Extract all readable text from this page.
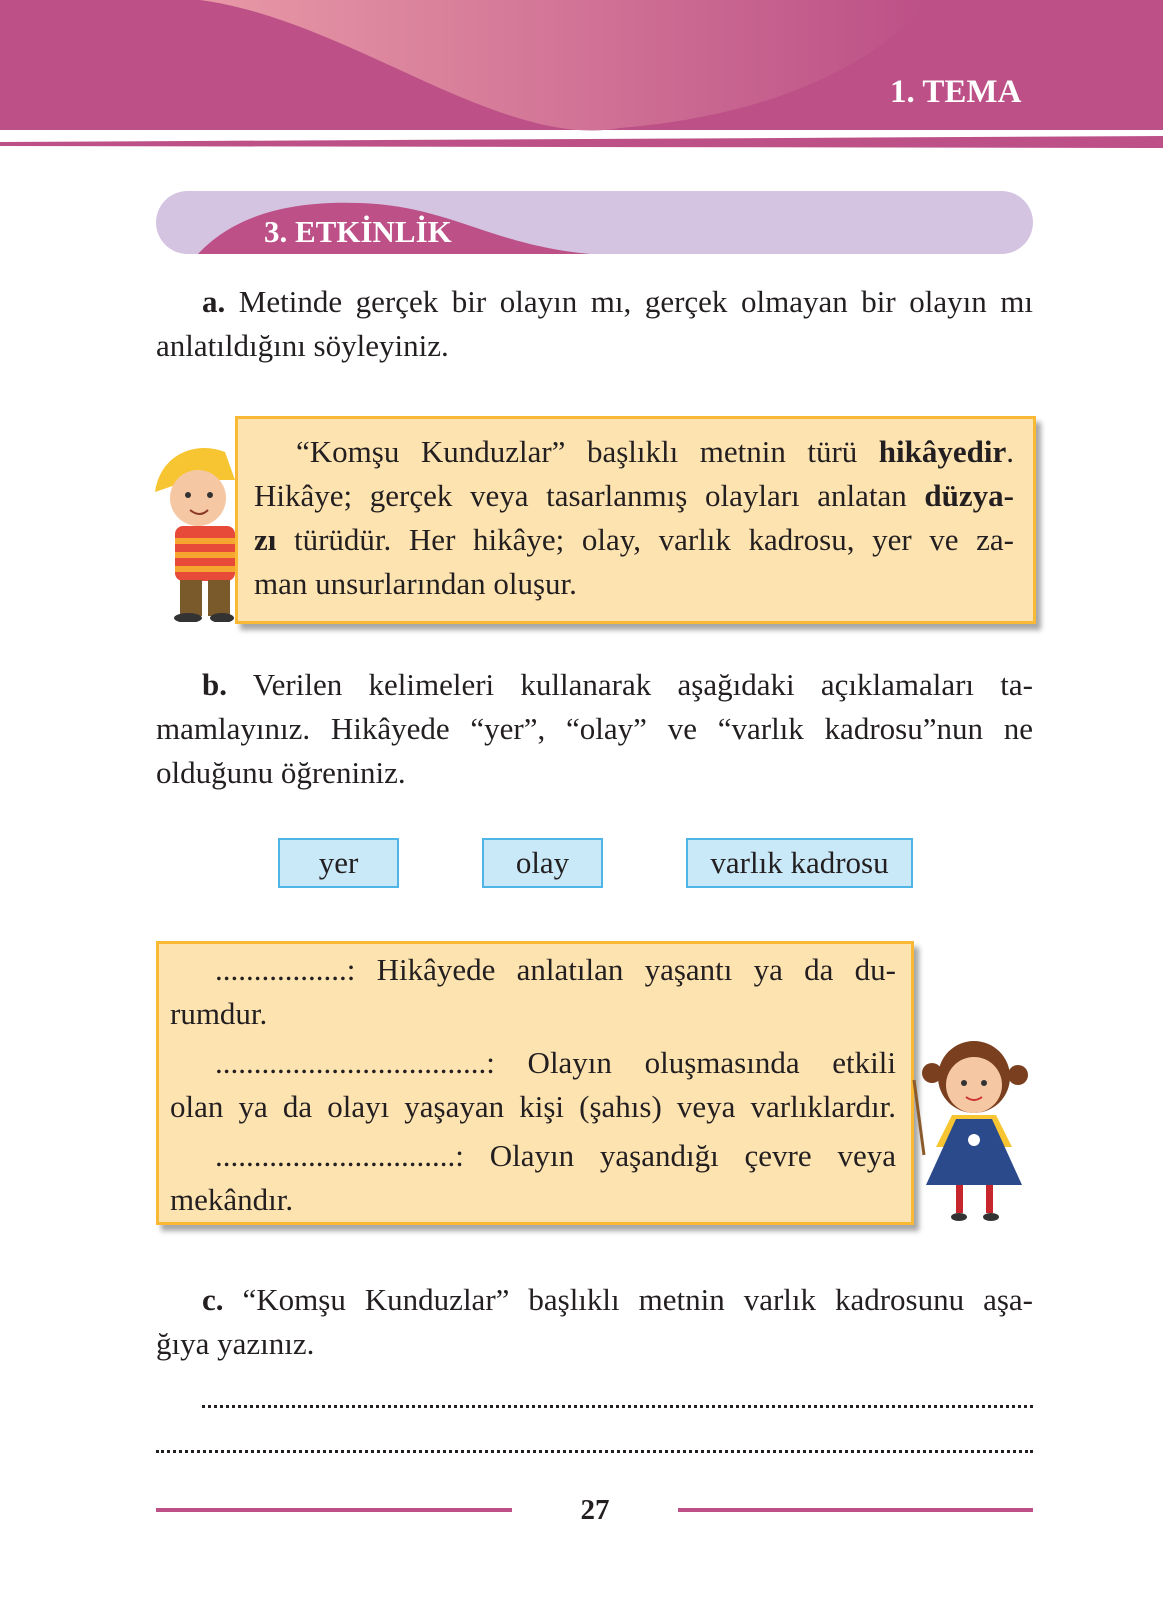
1. TEMA
3. ETKİNLİK
a. Metinde gerçek bir olayın mı, gerçek olmayan bir olayın mı
anlatıldığını söyleyiniz.
“Komşu Kunduzlar” başlıklı metnin türü hikâyedir.
Hikâye; gerçek veya tasarlanmış olayları anlatan düzya-
zı türüdür. Her hikâye; olay, varlık kadrosu, yer ve za-
man unsurlarından oluşur.
b. Verilen kelimeleri kullanarak aşağıdaki açıklamaları ta-
mamlayınız. Hikâyede “yer”, “olay” ve “varlık kadrosu”nun ne
olduğunu öğreniniz.
yer	olay	varlık kadrosu
.................: Hikâyede anlatılan yaşantı ya da du-
rumdur.
...................................: Olayın oluşmasında etkili
olan ya da olayı yaşayan kişi (şahıs) veya varlıklardır.
...............................: Olayın yaşandığı çevre veya
mekândır.
c. “Komşu Kunduzlar” başlıklı metnin varlık kadrosunu aşa-
ğıya yazınız.
27
